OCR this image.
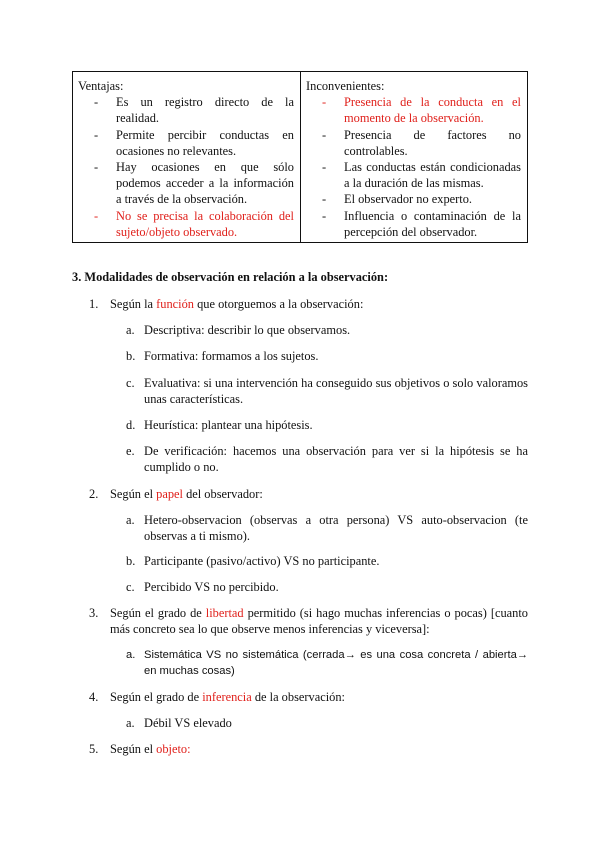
Ventajas:
- Es un registro directo de la realidad.
- Permite percibir conductas en ocasiones no relevantes.
- Hay ocasiones en que sólo podemos acceder a la información a través de la observación.
- No se precisa la colaboración del sujeto/objeto observado.
Inconvenientes:
- Presencia de la conducta en el momento de la observación.
- Presencia de factores no controlables.
- Las conductas están condicionadas a la duración de las mismas.
- El observador no experto.
- Influencia o contaminación de la percepción del observador.
3. Modalidades de observación en relación a la observación:
1. Según la función que otorguemos a la observación:
a. Descriptiva: describir lo que observamos.
b. Formativa: formamos a los sujetos.
c. Evaluativa: si una intervención ha conseguido sus objetivos o solo valoramos unas características.
d. Heurística: plantear una hipótesis.
e. De verificación: hacemos una observación para ver si la hipótesis se ha cumplido o no.
2. Según el papel del observador:
a. Hetero-observacion (observas a otra persona) VS auto-observacion (te observas a ti mismo).
b. Participante (pasivo/activo) VS no participante.
c. Percibido VS no percibido.
3. Según el grado de libertad permitido (si hago muchas inferencias o pocas) [cuanto más concreto sea lo que observe menos inferencias y viceversa]:
a. Sistemática VS no sistemática (cerrada→ es una cosa concreta / abierta→ en muchas cosas)
4. Según el grado de inferencia de la observación:
a. Débil VS elevado
5. Según el objeto:
